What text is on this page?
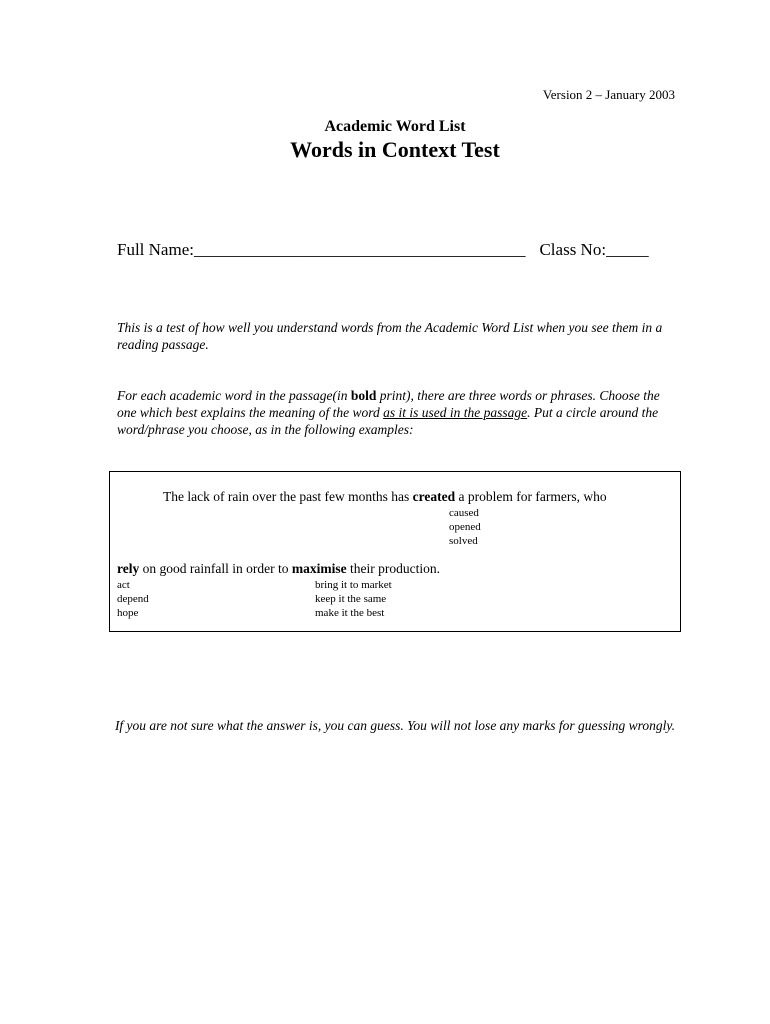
Version 2 – January 2003
Academic Word List
Words in Context Test
Full Name:_______________________________________ Class No:_____

This is a test of how well you understand words from the Academic Word List when you see them in a reading passage.

For each academic word in the passage(in bold print), there are three words or phrases. Choose the one which best explains the meaning of the word as it is used in the passage. Put a circle around the word/phrase you choose, as in the following examples:

The lack of rain over the past few months has created a problem for farmers, who
caused
opened
solved
rely on good rainfall in order to maximise their production.
act
depend
hope
bring it to market
keep it the same
make it the best

If you are not sure what the answer is, you can guess. You will not lose any marks for guessing wrongly.
